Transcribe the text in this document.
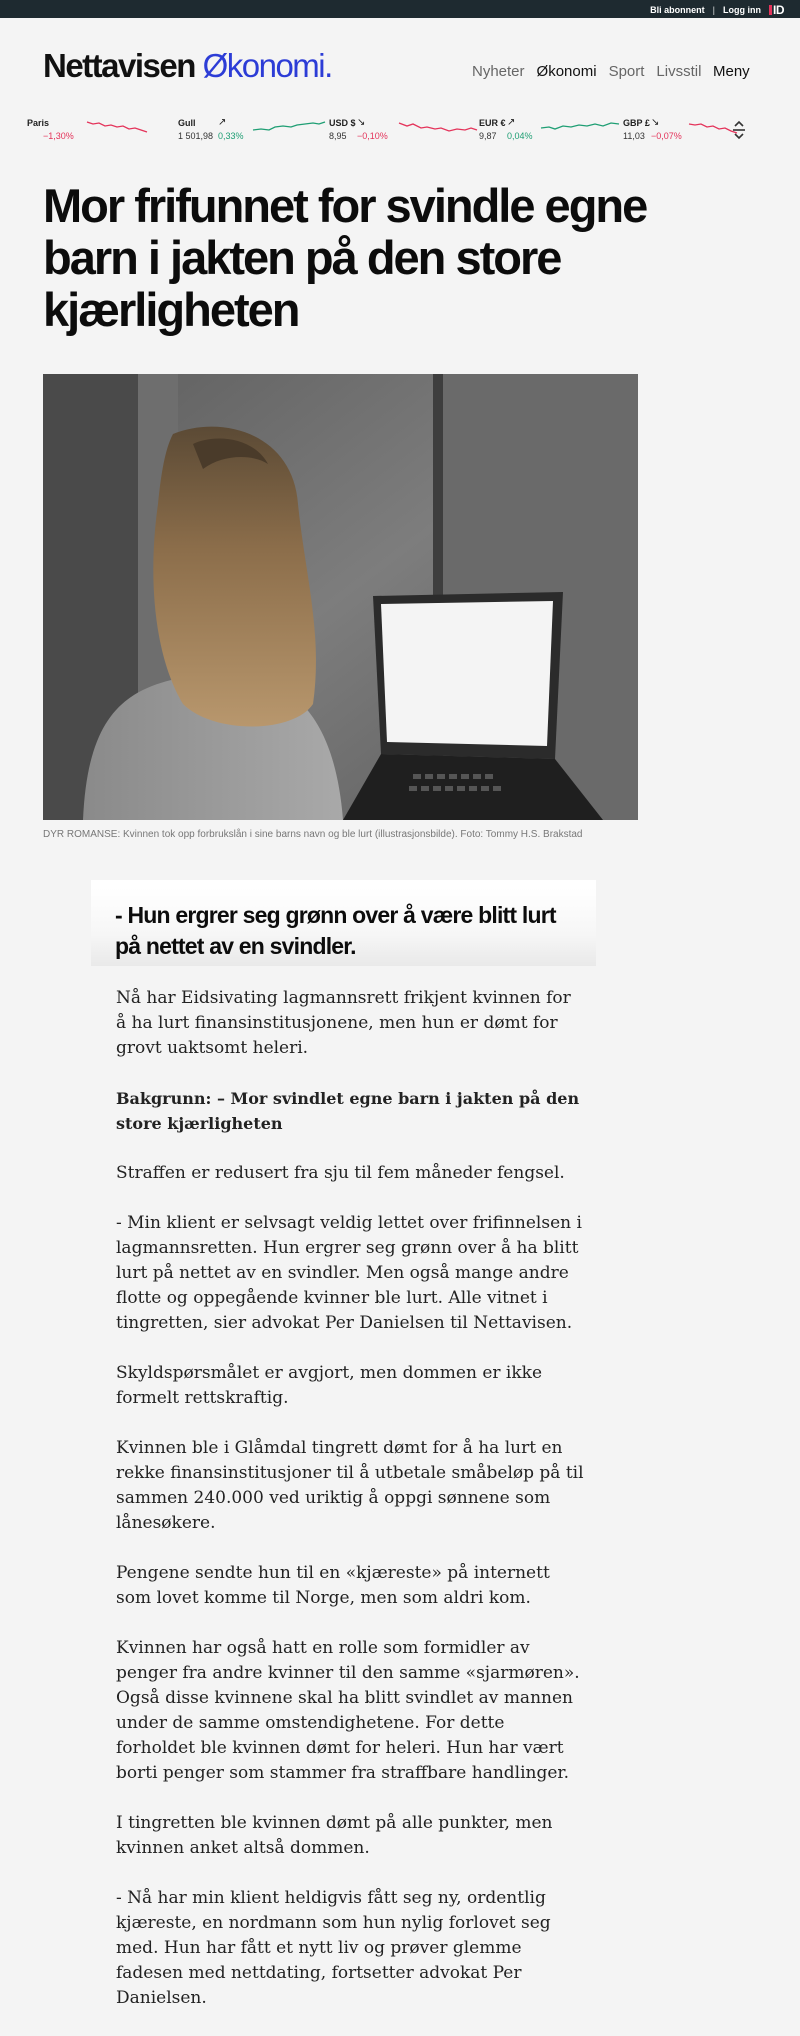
Bli abonnent | Logg inn ID
Nettavisen Økonomi.	Nyheter Økonomi Sport Livsstil Meny
Paris
−1,30%
Gull ↗
1 501,98 0,33%
USD $ ↘
8,95 −0,10%
EUR € ↗
9,87 0,04%
GBP £ ↘
11,03 −0,07%
Mor frifunnet for svindle egne barn i jakten på den store kjærligheten
DYR ROMANSE: Kvinnen tok opp forbrukslån i sine barns navn og ble lurt (illustrasjonsbilde). Foto: Tommy H.S. Brakstad

- Hun ergrer seg grønn over å være blitt lurt på nettet av en svindler.

Nå har Eidsivating lagmannsrett frikjent kvinnen for å ha lurt finansinstitusjonene, men hun er dømt for grovt uaktsomt heleri.

Bakgrunn: – Mor svindlet egne barn i jakten på den store kjærligheten

Straffen er redusert fra sju til fem måneder fengsel.

- Min klient er selvsagt veldig lettet over frifinnelsen i lagmannsretten. Hun ergrer seg grønn over å ha blitt lurt på nettet av en svindler. Men også mange andre flotte og oppegående kvinner ble lurt. Alle vitnet i tingretten, sier advokat Per Danielsen til Nettavisen.

Skyldspørsmålet er avgjort, men dommen er ikke formelt rettskraftig.

Kvinnen ble i Glåmdal tingrett dømt for å ha lurt en rekke finansinstitusjoner til å utbetale småbeløp på til sammen 240.000 ved uriktig å oppgi sønnene som lånesøkere.

Pengene sendte hun til en «kjæreste» på internett som lovet komme til Norge, men som aldri kom.

Kvinnen har også hatt en rolle som formidler av penger fra andre kvinner til den samme «sjarmøren». Også disse kvinnene skal ha blitt svindlet av mannen under de samme omstendighetene. For dette forholdet ble kvinnen dømt for heleri. Hun har vært borti penger som stammer fra straffbare handlinger.

I tingretten ble kvinnen dømt på alle punkter, men kvinnen anket altså dommen.

- Nå har min klient heldigvis fått seg ny, ordentlig kjæreste, en nordmann som hun nylig forlovet seg med. Hun har fått et nytt liv og prøver glemme fadesen med nettdating, fortsetter advokat Per Danielsen.
